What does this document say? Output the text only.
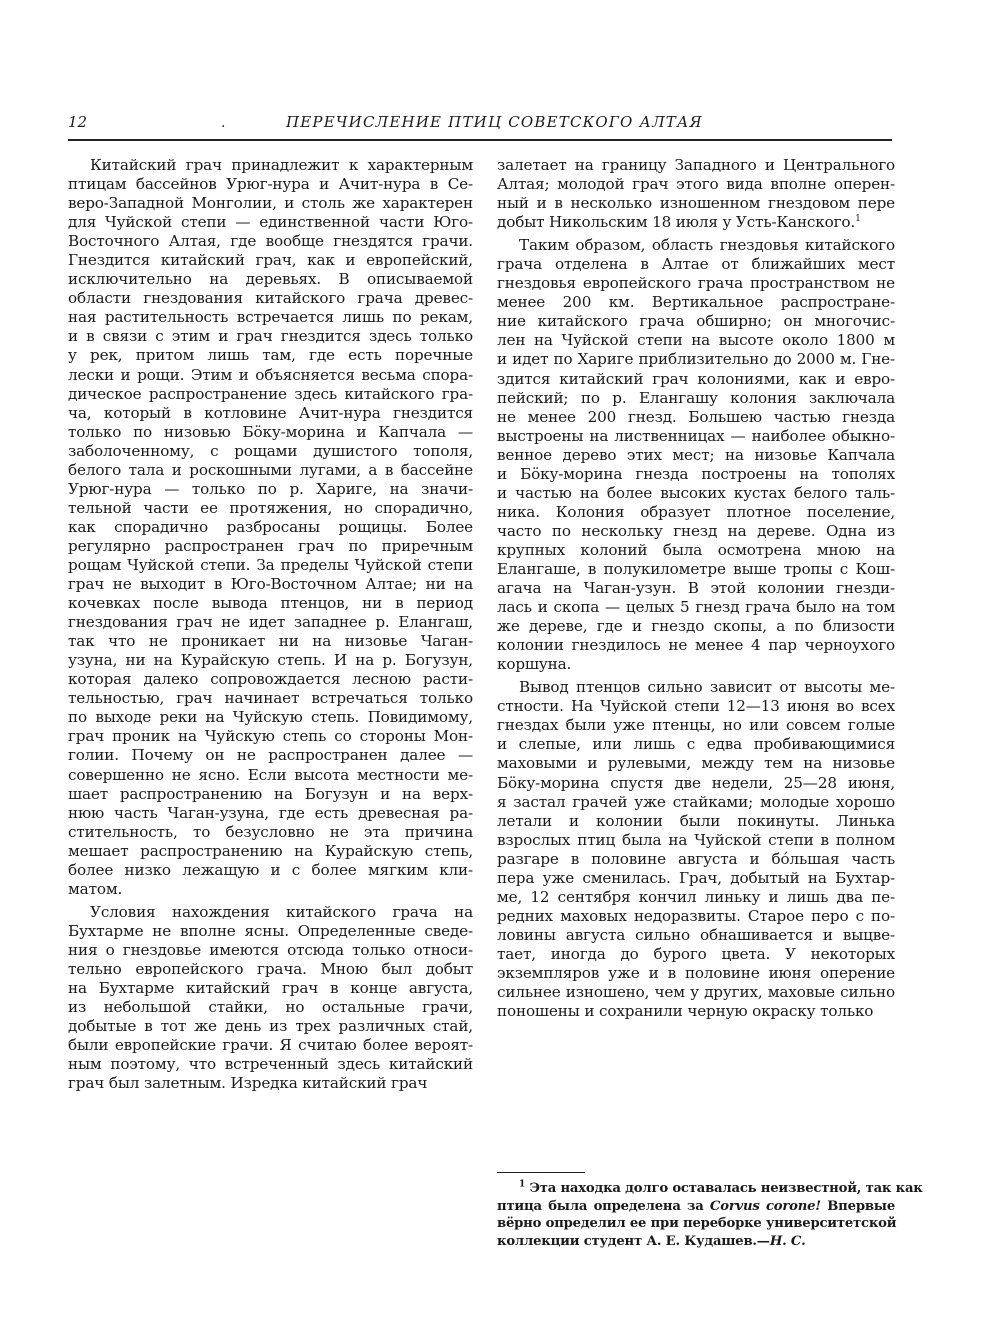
12	.	ПЕРЕЧИСЛЕНИЕ ПТИЦ СОВЕТСКОГО АЛТАЯ
Китайский грач принадлежит к характерным
птицам бассейнов Урюг-нура и Ачит-нура в Се-
веро-Западной Монголии, и столь же характерен
для Чуйской степи — единственной части Юго-
Восточного Алтая, где вообще гнездятся грачи.
Гнездится китайский грач, как и европейский,
исключительно на деревьях. В описываемой
области гнездования китайского грача древес-
ная растительность встречается лишь по рекам,
и в связи с этим и грач гнездится здесь только
у рек, притом лишь там, где есть поречные
лески и рощи. Этим и объясняется весьма спора-
дическое распространение здесь китайского гра-
ча, который в котловине Ачит-нура гнездится
только по низовью Бöку-морина и Капчала —
заболоченному, с рощами душистого тополя,
белого тала и роскошными лугами, а в бассейне
Урюг-нура — только по р. Хариге, на значи-
тельной части ее протяжения, но спорадично,
как спорадично разбросаны рощицы. Более
регулярно распространен грач по приречным
рощам Чуйской степи. За пределы Чуйской степи
грач не выходит в Юго-Восточном Алтае; ни на
кочевках после вывода птенцов, ни в период
гнездования грач не идет западнее р. Елангаш,
так что не проникает ни на низовье Чаган-
узуна, ни на Курайскую степь. И на р. Богузун,
которая далеко сопровождается лесною расти-
тельностью, грач начинает встречаться только
по выходе реки на Чуйскую степь. Повидимому,
грач проник на Чуйскую степь со стороны Мон-
голии. Почему он не распространен далее —
совершенно не ясно. Если высота местности ме-
шает распространению на Богузун и на верх-
нюю часть Чаган-узуна, где есть древесная ра-
стительность, то безусловно не эта причина
мешает распространению на Курайскую степь,
более низко лежащую и с более мягким кли-
матом.
Условия нахождения китайского грача на
Бухтарме не вполне ясны. Определенные сведе-
ния о гнездовье имеются отсюда только относи-
тельно европейского грача. Мною был добыт
на Бухтарме китайский грач в конце августа,
из небольшой стайки, но остальные грачи,
добытые в тот же день из трех различных стай,
были европейские грачи. Я считаю более вероят-
ным поэтому, что встреченный здесь китайский
грач был залетным. Изредка китайский грач
залетает на границу Западного и Центрального
Алтая; молодой грач этого вида вполне оперен-
ный и в несколько изношенном гнездовом пере
добыт Никольским 18 июля у Усть-Канского.$^1$
Таким образом, область гнездовья китайского
грача отделена в Алтае от ближайших мест
гнездовья европейского грача пространством не
менее 200 км. Вертикальное распростране-
ние китайского грача обширно; он многочис-
лен на Чуйской степи на высоте около 1800 м
и идет по Хариге приблизительно до 2000 м. Гне-
здится китайский грач колониями, как и евро-
пейский; по р. Елангашу колония заключала
не менее 200 гнезд. Большею частью гнезда
выстроены на лиственницах — наиболее обыкно-
венное дерево этих мест; на низовье Капчала
и Бöку-морина гнезда построены на тополях
и частью на более высоких кустах белого таль-
ника. Колония образует плотное поселение,
часто по нескольку гнезд на дереве. Одна из
крупных колоний была осмотрена мною на
Елангаше, в полукилометре выше тропы с Кош-
агача на Чаган-узун. В этой колонии гнезди-
лась и скопа — целых 5 гнезд грача было на том
же дереве, где и гнездо скопы, а по близости
колонии гнездилось не менее 4 пар черноухого
коршуна.
Вывод птенцов сильно зависит от высоты ме-
стности. На Чуйской степи 12—13 июня во всех
гнездах были уже птенцы, но или совсем голые
и слепые, или лишь с едва пробивающимися
маховыми и рулевыми, между тем на низовье
Бöку-морина спустя две недели, 25—28 июня,
я застал грачей уже стайками; молодые хорошо
летали и колонии были покинуты. Линька
взрослых птиц была на Чуйской степи в полном
разгаре в половине августа и бóльшая часть
пера уже сменилась. Грач, добытый на Бухтар-
ме, 12 сентября кончил линьку и лишь два пе-
редних маховых недоразвиты. Старое перо с по-
ловины августа сильно обнашивается и выцве-
тает, иногда до бурого цвета. У некоторых
экземпляров уже и в половине июня оперение
сильнее изношено, чем у других, маховые сильно
поношены и сохранили черную окраску только
$^1$ Эта находка долго оставалась неизвестной, так как
птица была определена за Corvus corone! Впервые
вёрно определил ее при переборке университетской
коллекции студент А. Е. Кудашев.—Н. С.
